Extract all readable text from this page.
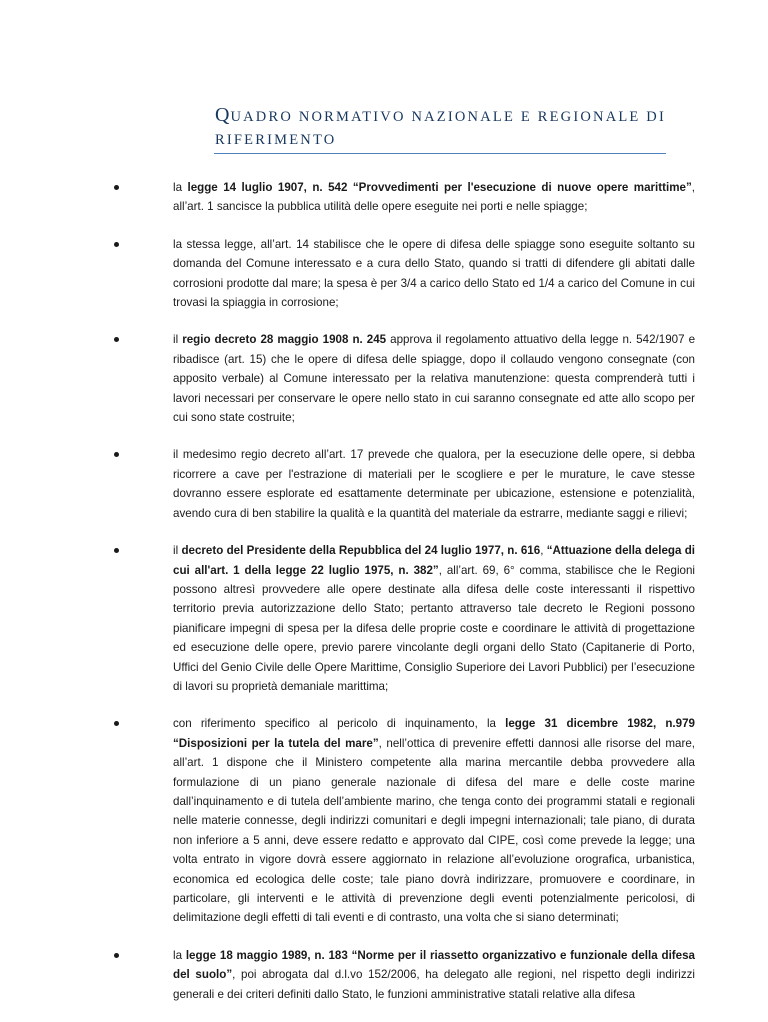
QUADRO NORMATIVO NAZIONALE E REGIONALE DI RIFERIMENTO
la legge 14 luglio 1907, n. 542 “Provvedimenti per l'esecuzione di nuove opere marittime”, all’art. 1 sancisce la pubblica utilità delle opere eseguite nei porti e nelle spiagge;
la stessa legge, all’art. 14 stabilisce che le opere di difesa delle spiagge sono eseguite soltanto su domanda del Comune interessato e a cura dello Stato, quando si tratti di difendere gli abitati dalle corrosioni prodotte dal mare; la spesa è per 3/4 a carico dello Stato ed 1/4 a carico del Comune in cui trovasi la spiaggia in corrosione;
il regio decreto 28 maggio 1908 n. 245 approva il regolamento attuativo della legge n. 542/1907 e ribadisce (art. 15) che le opere di difesa delle spiagge, dopo il collaudo vengono consegnate (con apposito verbale) al Comune interessato per la relativa manutenzione: questa comprenderà tutti i lavori necessari per conservare le opere nello stato in cui saranno consegnate ed atte allo scopo per cui sono state costruite;
il medesimo regio decreto all’art. 17 prevede che qualora, per la esecuzione delle opere, si debba ricorrere a cave per l'estrazione di materiali per le scogliere e per le murature, le cave stesse dovranno essere esplorate ed esattamente determinate per ubicazione, estensione e potenzialità, avendo cura di ben stabilire la qualità e la quantità del materiale da estrarre, mediante saggi e rilievi;
il decreto del Presidente della Repubblica del 24 luglio 1977, n. 616, “Attuazione della delega di cui all'art. 1 della legge 22 luglio 1975, n. 382”, all’art. 69, 6° comma, stabilisce che le Regioni possono altresì provvedere alle opere destinate alla difesa delle coste interessanti il rispettivo territorio previa autorizzazione dello Stato; pertanto attraverso tale decreto le Regioni possono pianificare impegni di spesa per la difesa delle proprie coste e coordinare le attività di progettazione ed esecuzione delle opere, previo parere vincolante degli organi dello Stato (Capitanerie di Porto, Uffici del Genio Civile delle Opere Marittime, Consiglio Superiore dei Lavori Pubblici) per l’esecuzione di lavori su proprietà demaniale marittima;
con riferimento specifico al pericolo di inquinamento, la legge 31 dicembre 1982, n.979 “Disposizioni per la tutela del mare”, nell’ottica di prevenire effetti dannosi alle risorse del mare, all’art. 1 dispone che il Ministero competente alla marina mercantile debba provvedere alla formulazione di un piano generale nazionale di difesa del mare e delle coste marine dall’inquinamento e di tutela dell’ambiente marino, che tenga conto dei programmi statali e regionali nelle materie connesse, degli indirizzi comunitari e degli impegni internazionali; tale piano, di durata non inferiore a 5 anni, deve essere redatto e approvato dal CIPE, così come prevede la legge; una volta entrato in vigore dovrà essere aggiornato in relazione all’evoluzione orografica, urbanistica, economica ed ecologica delle coste; tale piano dovrà indirizzare, promuovere e coordinare, in particolare, gli interventi e le attività di prevenzione degli eventi potenzialmente pericolosi, di delimitazione degli effetti di tali eventi e di contrasto, una volta che si siano determinati;
la legge 18 maggio 1989, n. 183 “Norme per il riassetto organizzativo e funzionale della difesa del suolo”, poi abrogata dal d.l.vo 152/2006, ha delegato alle regioni, nel rispetto degli indirizzi generali e dei criteri definiti dallo Stato, le funzioni amministrative statali relative alla difesa
